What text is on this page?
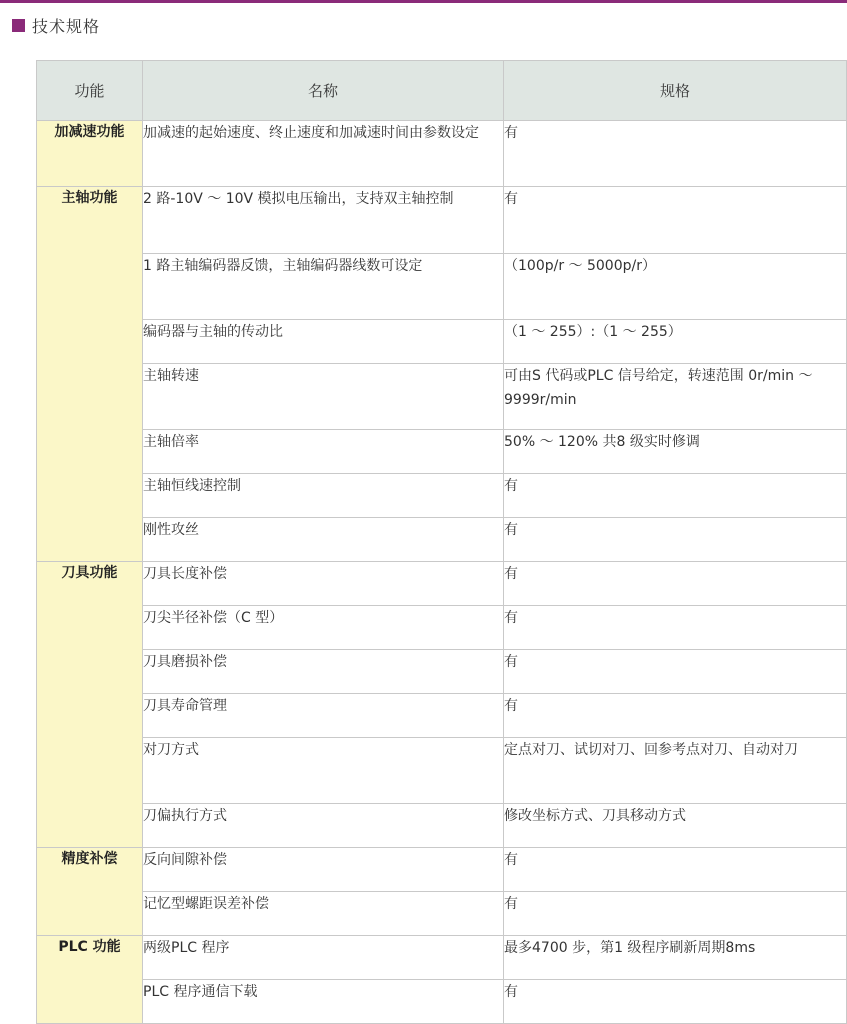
技术规格
功能	名称	规格
加减速功能	加减速的起始速度、终止速度和加减速时间由参数设定	有
主轴功能	2 路-10V ～ 10V 模拟电压输出，支持双主轴控制	有
	1 路主轴编码器反馈，主轴编码器线数可设定	（100p/r ～ 5000p/r）
	编码器与主轴的传动比	（1 ～ 255）:（1 ～ 255）
	主轴转速	可由S 代码或PLC 信号给定，转速范围 0r/min ～ 9999r/min
	主轴倍率	50% ～ 120% 共8 级实时修调
	主轴恒线速控制	有
	刚性攻丝	有
刀具功能	刀具长度补偿	有
	刀尖半径补偿（C 型）	有
	刀具磨损补偿	有
	刀具寿命管理	有
	对刀方式	定点对刀、试切对刀、回参考点对刀、自动对刀
	刀偏执行方式	修改坐标方式、刀具移动方式
精度补偿	反向间隙补偿	有
	记忆型螺距误差补偿	有
PLC 功能	两级PLC 程序	最多4700 步，第1 级程序刷新周期8ms
	PLC 程序通信下载	有
